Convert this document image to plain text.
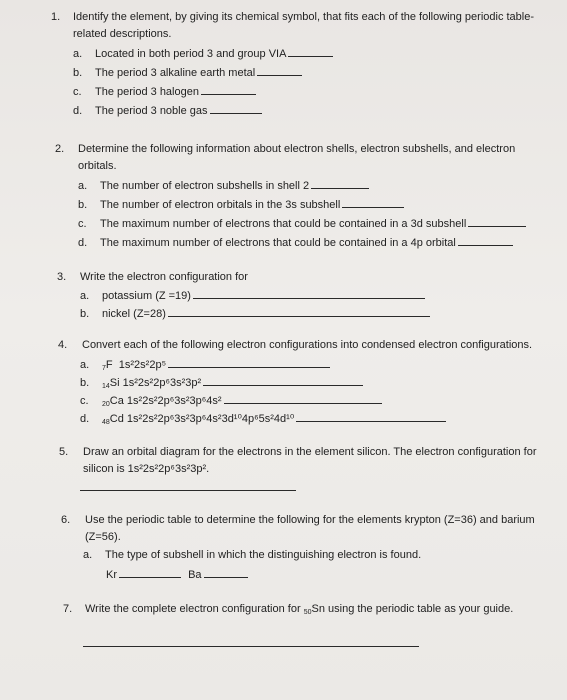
1.	Identify the element, by giving its chemical symbol, that fits each of the following periodic table-related descriptions.
a. Located in both period 3 and group VIA
b. The period 3 alkaline earth metal
c. The period 3 halogen
d. The period 3 noble gas
2.	Determine the following information about electron shells, electron subshells, and electron orbitals.
a. The number of electron subshells in shell 2
b. The number of electron orbitals in the 3s subshell
c. The maximum number of electrons that could be contained in a 3d subshell
d. The maximum number of electrons that could be contained in a 4p orbital
3.	Write the electron configuration for
a. potassium (Z =19)
b. nickel (Z=28)
4.	Convert each of the following electron configurations into condensed electron configurations.
a. $_7$F 1s²2s²2p⁵
b. $_{14}$Si 1s²2s²2p⁶3s²3p²
c. $_{20}$Ca 1s²2s²2p⁶3s²3p⁶4s²
d. $_{48}$Cd 1s²2s²2p⁶3s²3p⁶4s²3d¹⁰4p⁶5s²4d¹⁰
5.	Draw an orbital diagram for the electrons in the element silicon. The electron configuration for
silicon is 1s²2s²2p⁶3s²3p².
6.	Use the periodic table to determine the following for the elements krypton (Z=36) and barium (Z=56).
a. The type of subshell in which the distinguishing electron is found.
Kr	Ba
7.	Write the complete electron configuration for $_{50}$Sn using the periodic table as your guide.
